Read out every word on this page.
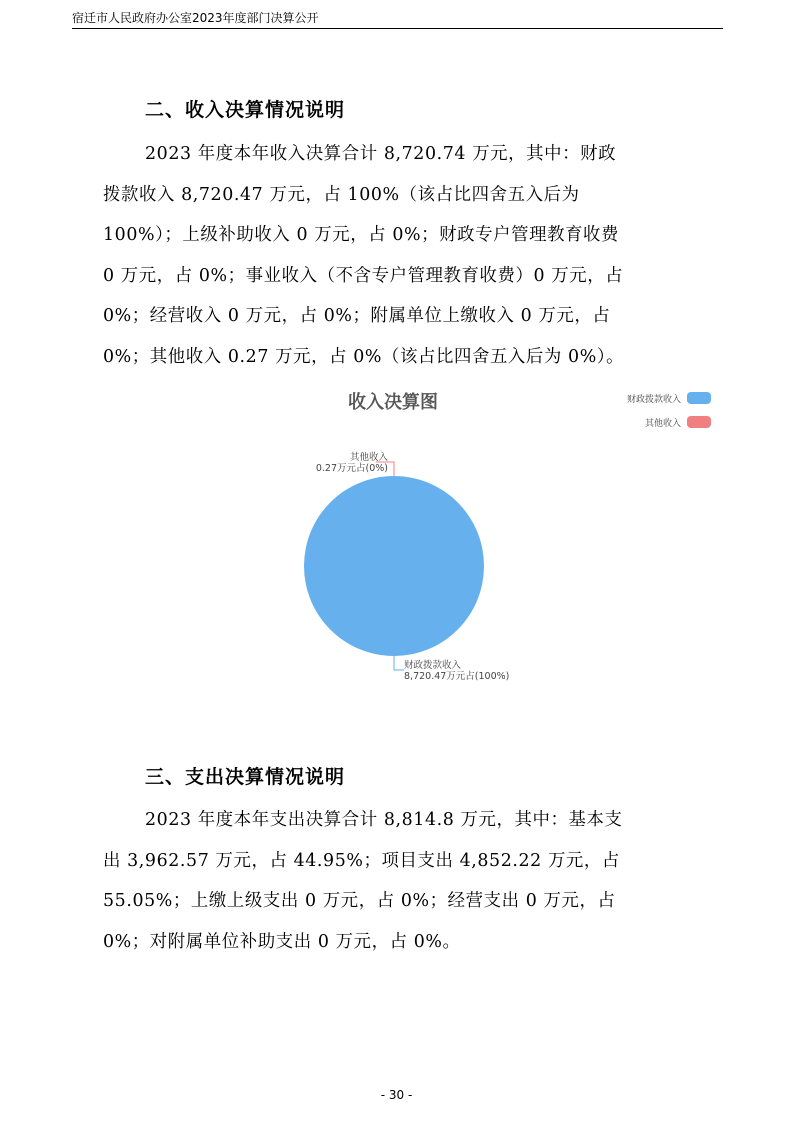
宿迁市人民政府办公室2023年度部门决算公开
二、收入决算情况说明
2023 年度本年收入决算合计 8,720.74 万元，其中：财政
拨款收入 8,720.47 万元，占 100%（该占比四舍五入后为
100%）；上级补助收入 0 万元，占 0%；财政专户管理教育收费
0 万元，占 0%；事业收入（不含专户管理教育收费）0 万元，占
0%；经营收入 0 万元，占 0%；附属单位上缴收入 0 万元，占
0%；其他收入 0.27 万元，占 0%（该占比四舍五入后为 0%）。
收入决算图	财政拨款收入
其他收入
其他收入
0.27万元占(0%)
财政拨款收入
8,720.47万元占(100%)
三、支出决算情况说明
2023 年度本年支出决算合计 8,814.8 万元，其中：基本支
出 3,962.57 万元，占 44.95%；项目支出 4,852.22 万元，占
55.05%；上缴上级支出 0 万元，占 0%；经营支出 0 万元，占
0%；对附属单位补助支出 0 万元，占 0%。
- 30 -
